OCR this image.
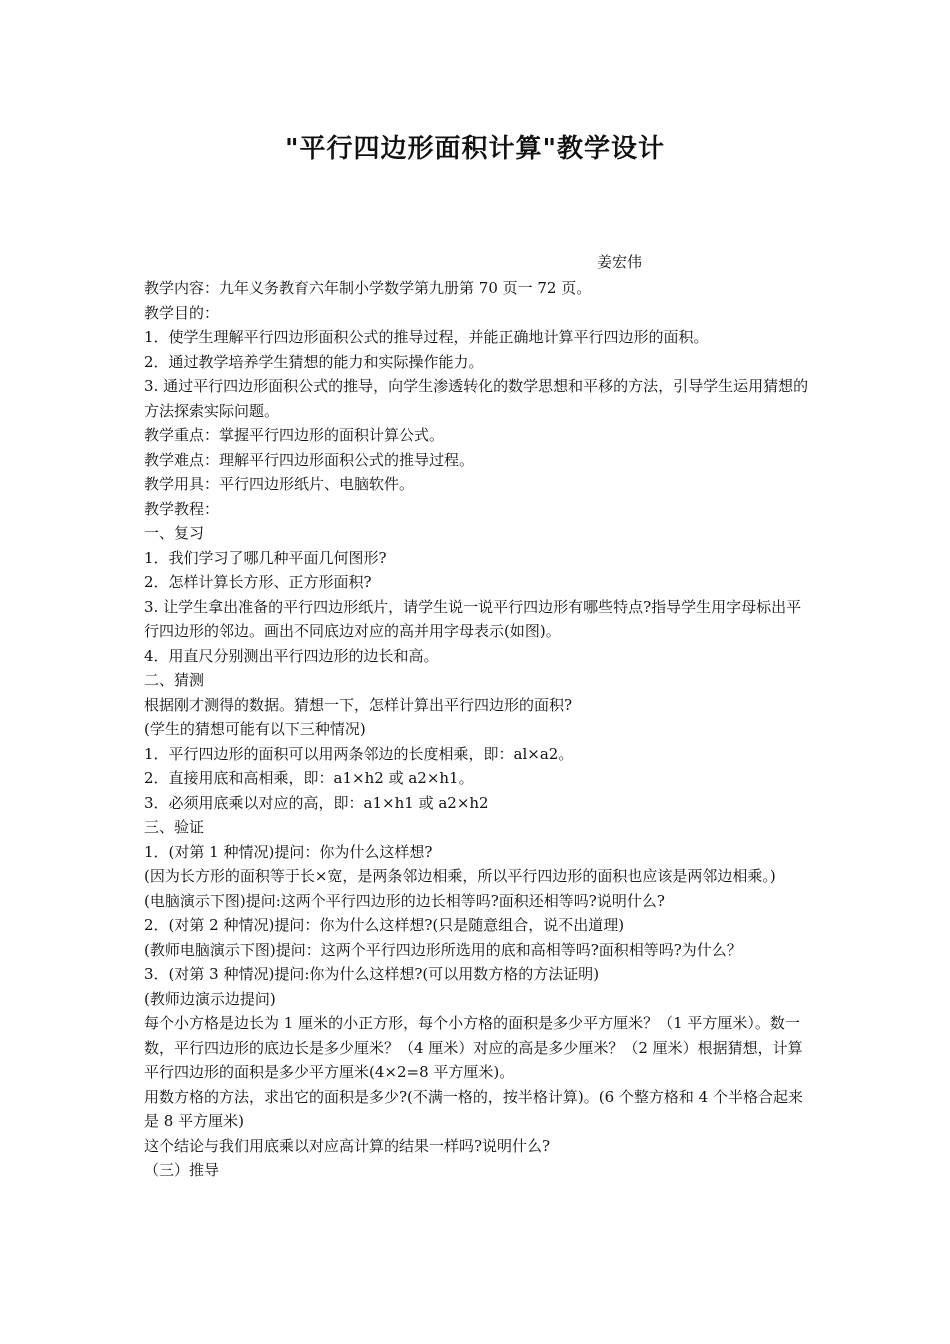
"平行四边形面积计算"教学设计

姜宏伟

教学内容：九年义务教育六年制小学数学第九册第 70 页一 72 页。
教学目的：
1．使学生理解平行四边形面积公式的推导过程，并能正确地计算平行四边形的面积。
2．通过教学培养学生猜想的能力和实际操作能力。
3. 通过平行四边形面积公式的推导，向学生渗透转化的数学思想和平移的方法，引导学生运用猜想的方法探索实际问题。
教学重点：掌握平行四边形的面积计算公式。
教学难点：理解平行四边形面积公式的推导过程。
教学用具：平行四边形纸片、电脑软件。
教学教程：
一、复习
1．我们学习了哪几种平面几何图形?
2．怎样计算长方形、正方形面积?
3. 让学生拿出准备的平行四边形纸片，请学生说一说平行四边形有哪些特点?指导学生用字母标出平行四边形的邻边。画出不同底边对应的高并用字母表示(如图)。
4．用直尺分别测出平行四边形的边长和高。
二、猜测
根据刚才测得的数据。猜想一下，怎样计算出平行四边形的面积?
(学生的猜想可能有以下三种情况)
1．平行四边形的面积可以用两条邻边的长度相乘，即：al×a2。
2．直接用底和高相乘，即：a1×h2 或 a2×h1。
3．必须用底乘以对应的高，即：a1×h1 或 a2×h2
三、验证
1．(对第 1 种情况)提问：你为什么这样想?
(因为长方形的面积等于长×宽，是两条邻边相乘，所以平行四边形的面积也应该是两邻边相乘。)
(电脑演示下图)提问:这两个平行四边形的边长相等吗?面积还相等吗?说明什么?
2．(对第 2 种情况)提问：你为什么这样想?(只是随意组合，说不出道理)
(教师电脑演示下图)提问：这两个平行四边形所选用的底和高相等吗?面积相等吗?为什么？
3．(对第 3 种情况)提问:你为什么这样想?(可以用数方格的方法证明)
(教师边演示边提问)
每个小方格是边长为 1 厘米的小正方形，每个小方格的面积是多少平方厘米？（1 平方厘米）。数一数，平行四边形的底边长是多少厘米？（4 厘米）对应的高是多少厘米？（2 厘米）根据猜想，计算平行四边形的面积是多少平方厘米(4×2=8 平方厘米)。
用数方格的方法，求出它的面积是多少?(不满一格的，按半格计算)。(6 个整方格和 4 个半格合起来是 8 平方厘米)
这个结论与我们用底乘以对应高计算的结果一样吗?说明什么?
（三）推导
